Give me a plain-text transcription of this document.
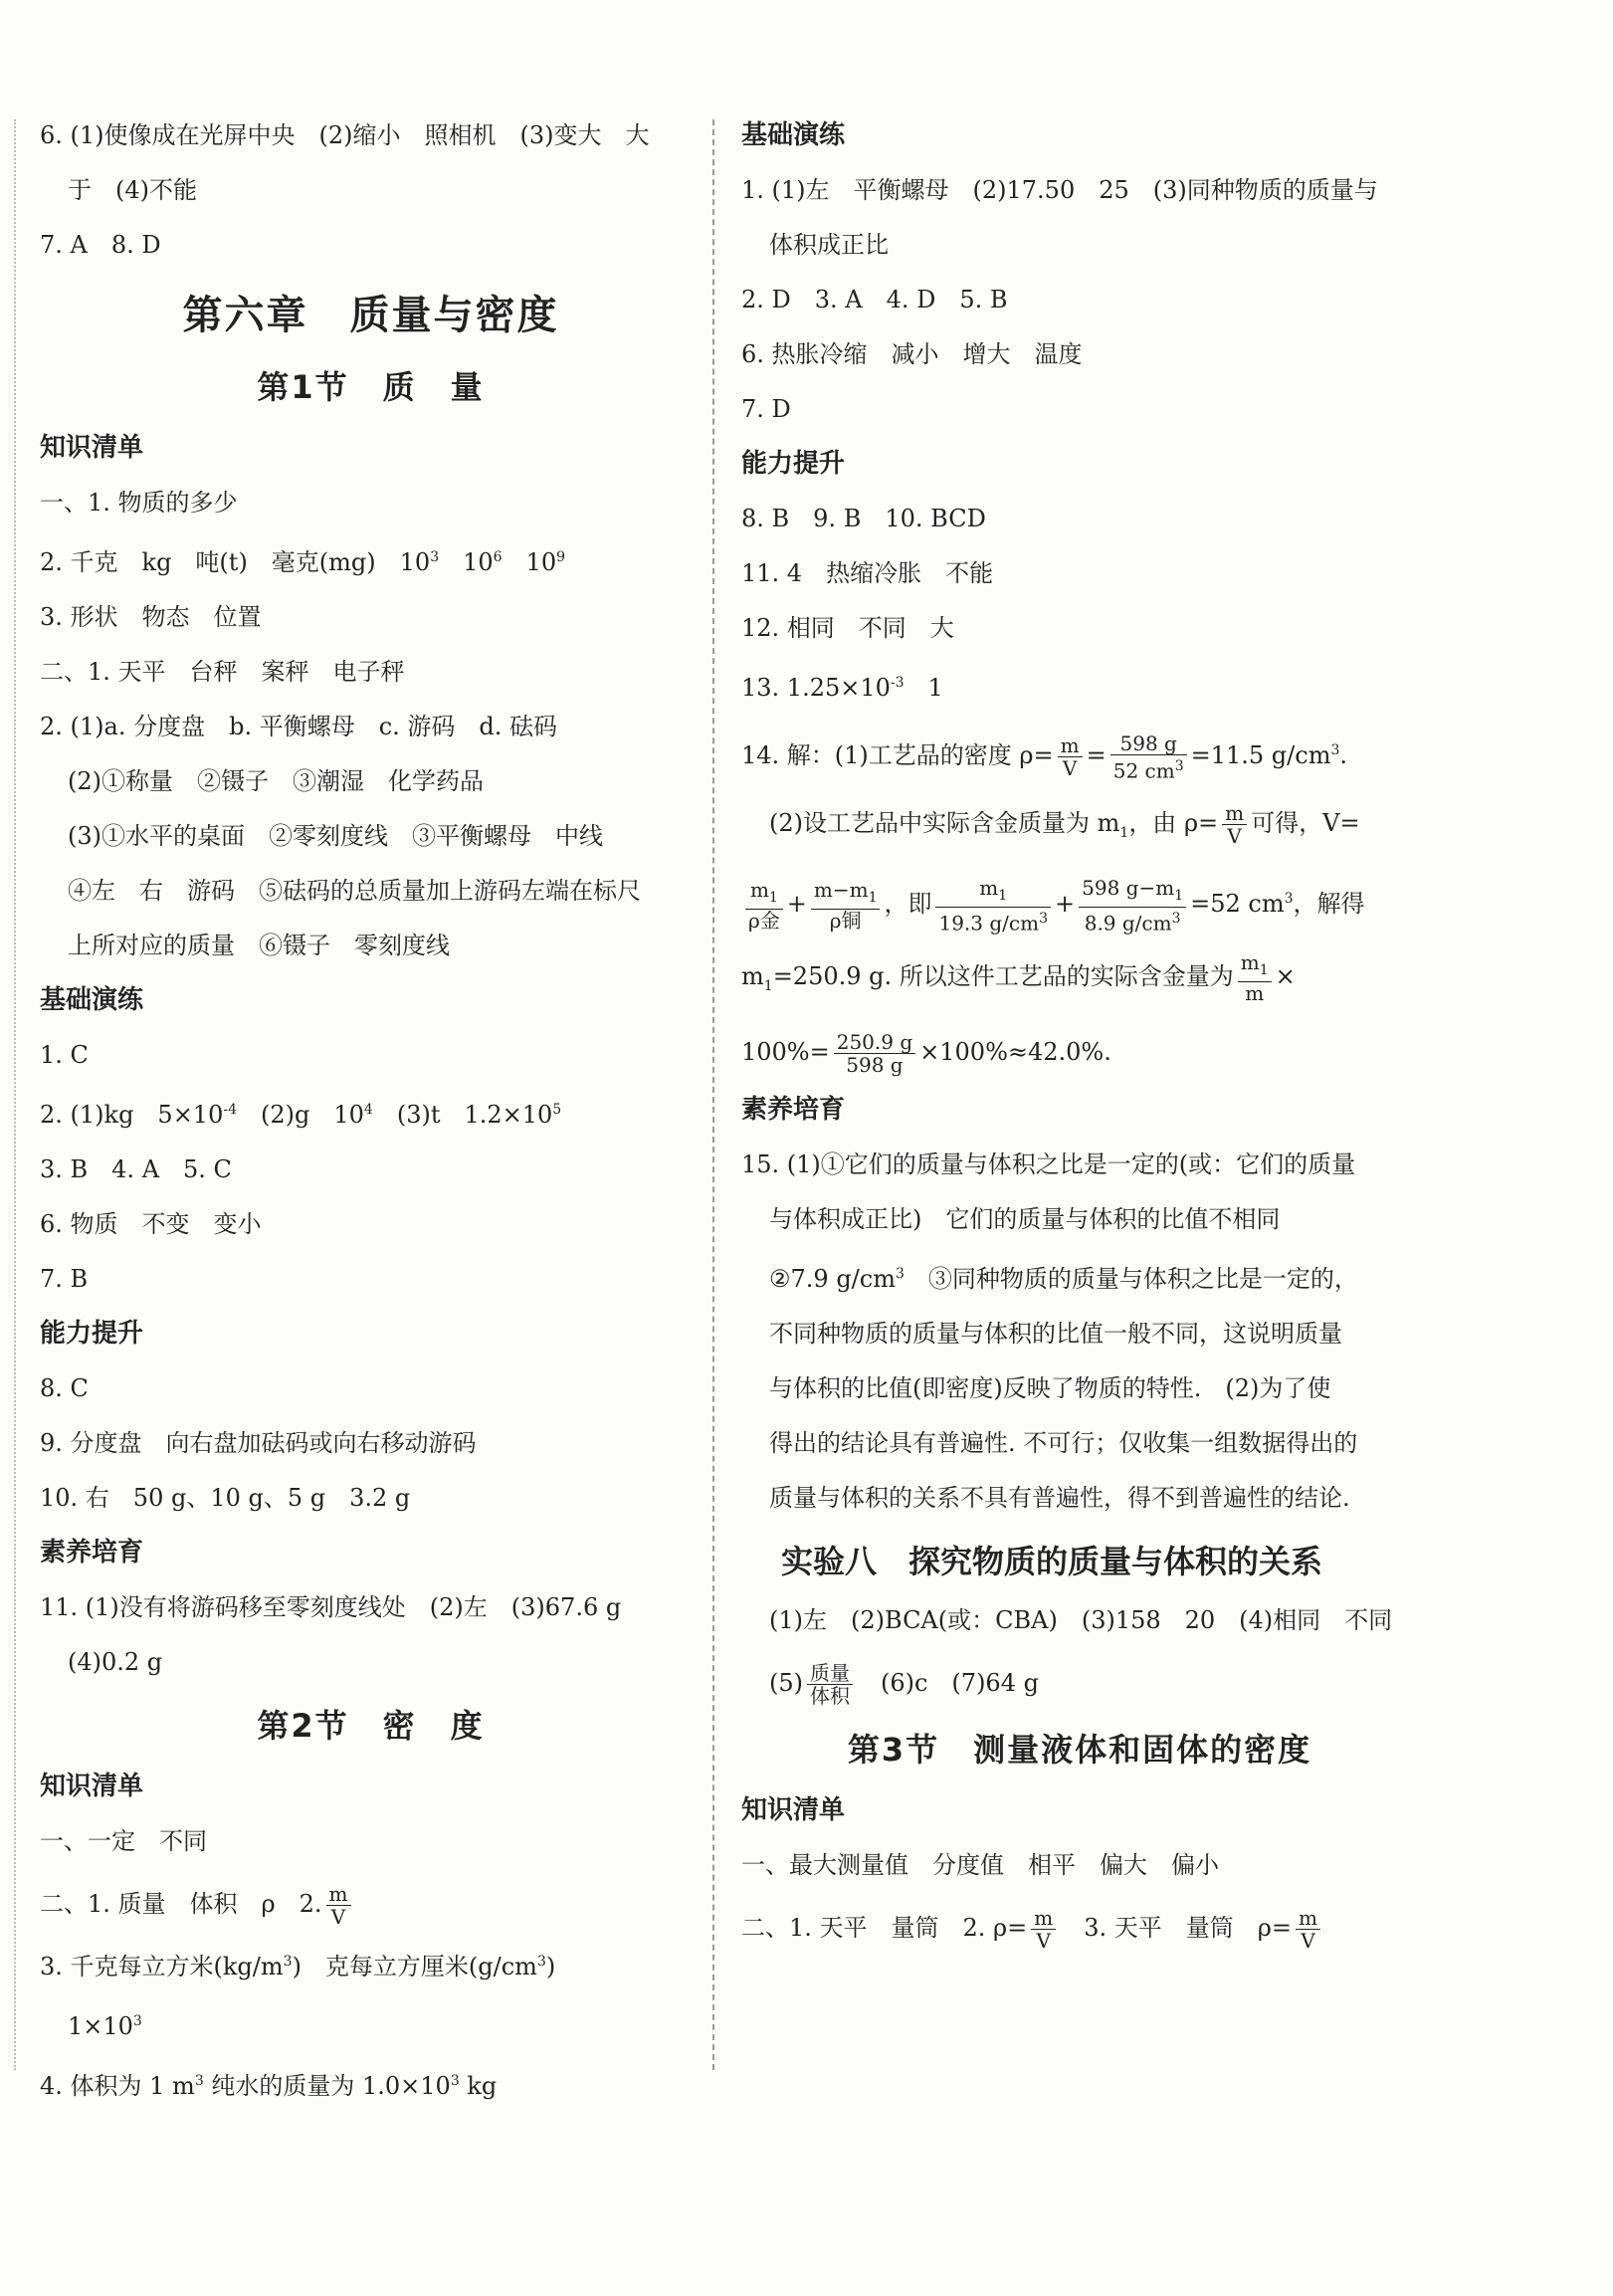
6. (1)使像成在光屏中央　(2)缩小　照相机　(3)变大　大
于　(4)不能
7. A　8. D
第六章　质量与密度
第1节　质　量
知识清单
一、1. 物质的多少
2. 千克　kg　吨(t)　毫克(mg)　$10^3$　$10^6$　$10^9$
3. 形状　物态　位置
二、1. 天平　台秤　案秤　电子秤
2. (1)a. 分度盘　b. 平衡螺母　c. 游码　d. 砝码
(2)①称量　②镊子　③潮湿　化学药品
(3)①水平的桌面　②零刻度线　③平衡螺母　中线
④左　右　游码　⑤砝码的总质量加上游码左端在标尺
上所对应的质量　⑥镊子　零刻度线
基础演练
1. C
2. (1)kg　$5\times 10^{-4}$　(2)g　$10^4$　(3)t　$1.2\times 10^5$
3. B　4. A　5. C
6. 物质　不变　变小
7. B
能力提升
8. C
9. 分度盘　向右盘加砝码或向右移动游码
10. 右　50 g、10 g、5 g　3.2 g
素养培育
11. (1)没有将游码移至零刻度线处　(2)左　(3)67.6 g
(4)0.2 g
第2节　密　度
知识清单
一、一定　不同
二、1. 质量　体积　ρ　2. $\frac{m}{V}$
3. 千克每立方米$(kg/m^3)$　克每立方厘米$(g/cm^3)$
$1\times 10^3$
4. 体积为 1 $m^3$ 纯水的质量为 $1.0\times 10^3$ kg
基础演练
1. (1)左　平衡螺母　(2)17.50　25　(3)同种物质的质量与
体积成正比
2. D　3. A　4. D　5. B
6. 热胀冷缩　减小　增大　温度
7. D
能力提升
8. B　9. B　10. BCD
11. 4　热缩冷胀　不能
12. 相同　不同　大
13. $1.25\times 10^{-3}$　1
14. 解：(1)工艺品的密度 $\rho= \frac{m}{V} = \frac{598 g}{52 cm^3} =11.5$ $g/cm^3$.
(2)设工艺品中实际含金质量为 $m_1$，由 $\rho= \frac{m}{V}$ 可得，V=
$\frac{m_1}{\text{ρ金}} + \frac{m-m_1}{\text{ρ铜}}$ ，即 $\frac{m_1}{19.3 g/cm^3} + \frac{598 g-m_1}{8.9 g/cm^3} =52$ $cm^3$，解得
$m_1=250.9$ g. 所以这件工艺品的实际含金量为 $\frac{m_1}{m}$ ×
$100\%= \frac{250.9 g}{598 g} \times 100\%\approx 42.0\%$.
素养培育
15. (1)①它们的质量与体积之比是一定的(或：它们的质量
与体积成正比)　它们的质量与体积的比值不相同
②7.9 $g/cm^3$　③同种物质的质量与体积之比是一定的，
不同种物质的质量与体积的比值一般不同，这说明质量
与体积的比值(即密度)反映了物质的特性.　(2)为了使
得出的结论具有普遍性. 不可行；仅收集一组数据得出的
质量与体积的关系不具有普遍性，得不到普遍性的结论.
实验八　探究物质的质量与体积的关系
(1)左　(2)BCA(或：CBA)　(3)158　20　(4)相同　不同
$(5) \frac{\text{质量}}{\text{体积}}$ 　(6)c　(7)64 g
第3节　测量液体和固体的密度
知识清单
一、最大测量值　分度值　相平　偏大　偏小
二、1. 天平　量筒　2. $\rho= \frac{m}{V}$ 　3. 天平　量筒　$\rho= \frac{m}{V}$
